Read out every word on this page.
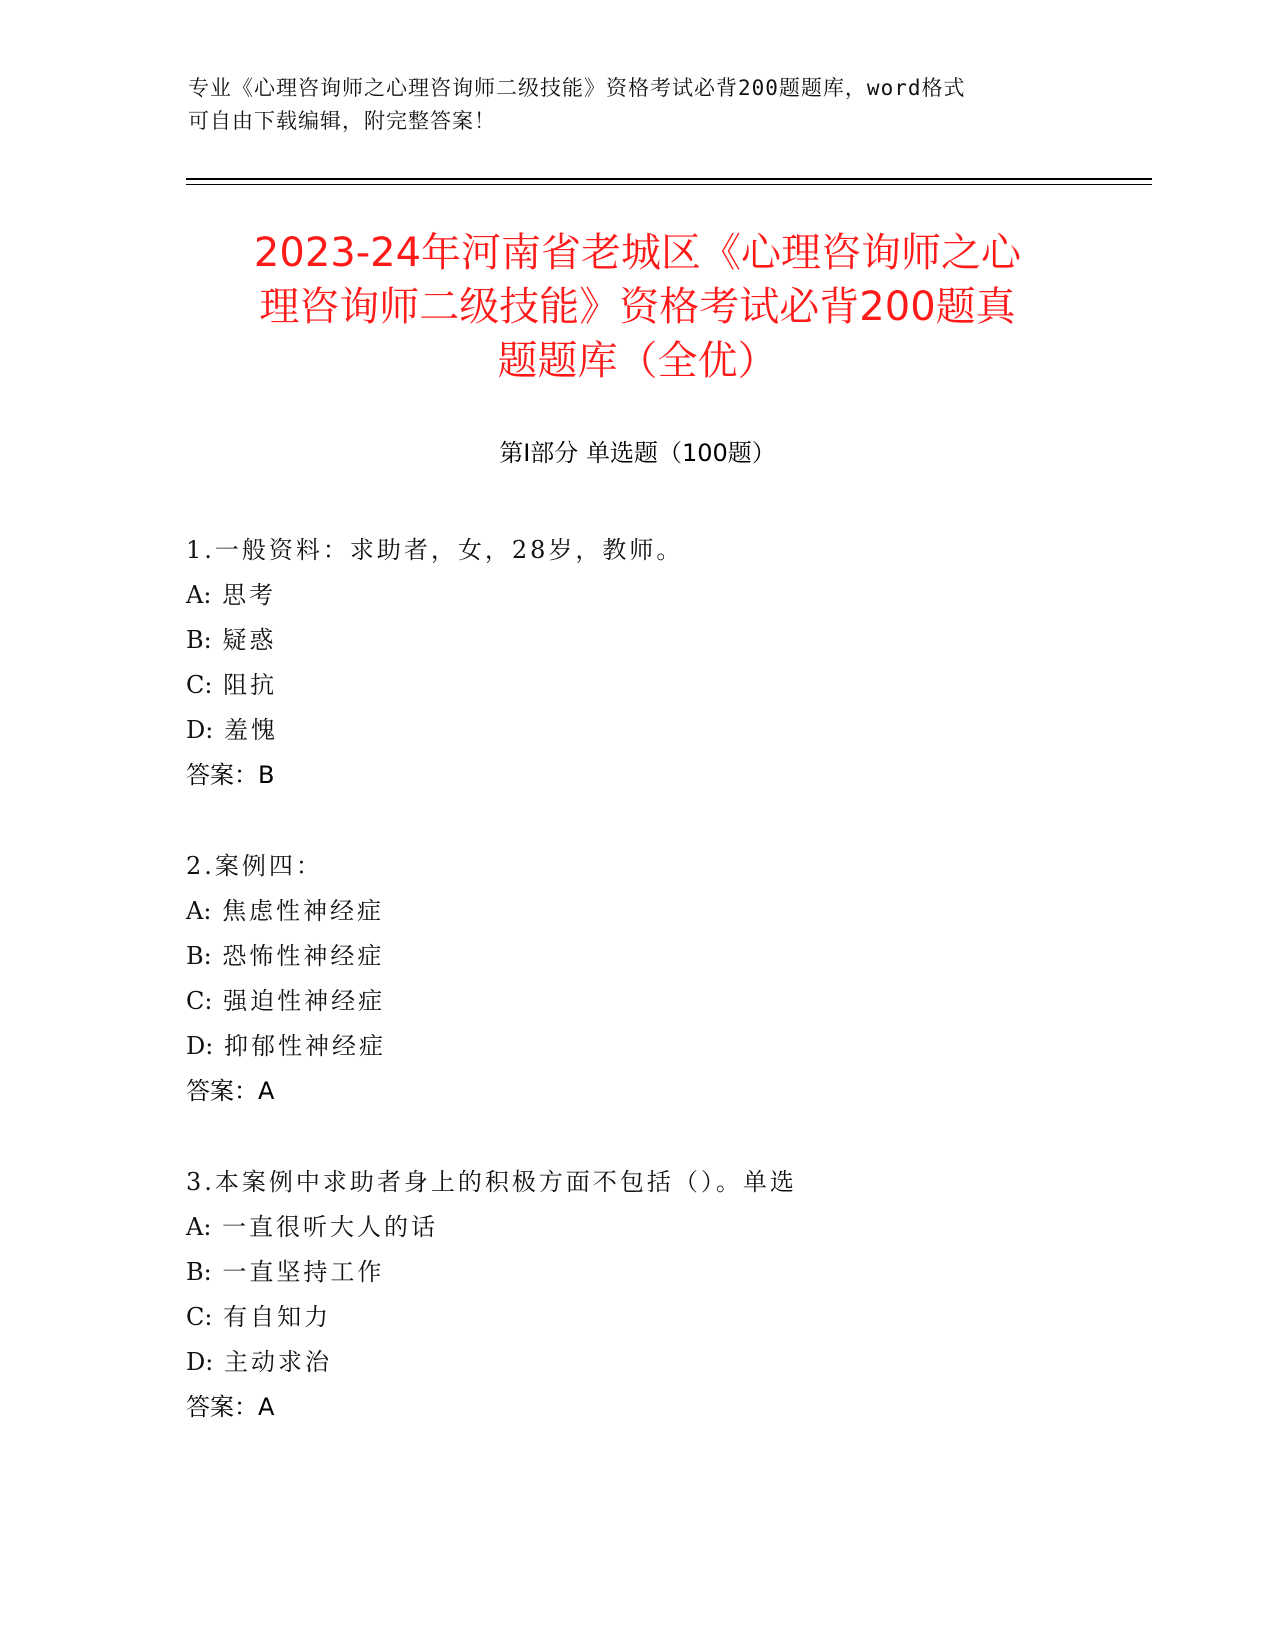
专业《心理咨询师之心理咨询师二级技能》资格考试必背200题题库，word格式
可自由下载编辑，附完整答案！
2023-24年河南省老城区《心理咨询师之心
理咨询师二级技能》资格考试必背200题真
题题库（全优）
第Ⅰ部分 单选题（100题）
1.一般资料：求助者，女，28岁，教师。
A: 思考
B: 疑惑
C: 阻抗
D: 羞愧
答案：B
2.案例四：
A: 焦虑性神经症
B: 恐怖性神经症
C: 强迫性神经症
D: 抑郁性神经症
答案：A
3.本案例中求助者身上的积极方面不包括（）。单选
A: 一直很听大人的话
B: 一直坚持工作
C: 有自知力
D: 主动求治
答案：A
